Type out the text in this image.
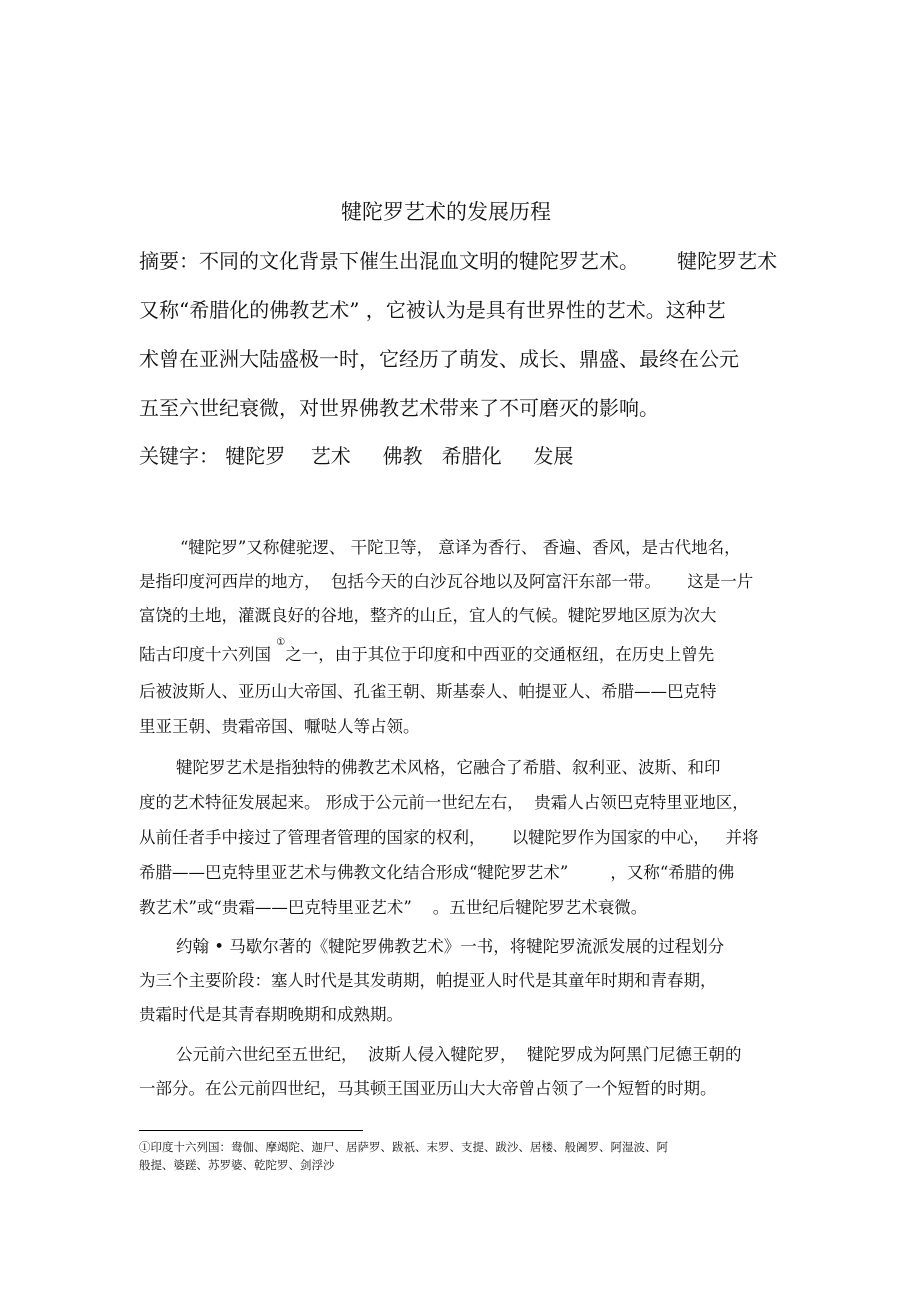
犍陀罗艺术的发展历程

摘要：不同的文化背景下催生出混血文明的犍陀罗艺术。      犍陀罗艺术

又称“希腊化的佛教艺术” ，它被认为是具有世界性的艺术。这种艺

术曾在亚洲大陆盛极一时，它经历了萌发、成长、鼎盛、最终在公元

五至六世纪衰微，对世界佛教艺术带来了不可磨灭的影响。

关键字： 犍陀罗    艺术     佛教   希腊化     发展

“犍陀罗”又称健驼逻、 干陀卫等， 意译为香行、 香遍、香风，是古代地名，

是指印度河西岸的地方，  包括今天的白沙瓦谷地以及阿富汗东部一带。     这是一片

富饶的土地，灌溉良好的谷地，整齐的山丘，宜人的气候。犍陀罗地区原为次大

陆古印度十六列国 ①之一，由于其位于印度和中西亚的交通枢纽，在历史上曾先

后被波斯人、亚历山大帝国、孔雀王朝、斯基泰人、帕提亚人、希腊——巴克特

里亚王朝、贵霜帝国、嚈哒人等占领。

犍陀罗艺术是指独特的佛教艺术风格，它融合了希腊、叙利亚、波斯、和印

度的艺术特征发展起来。 形成于公元前一世纪左右，  贵霜人占领巴克特里亚地区，

从前任者手中接过了管理者管理的国家的权利，     以犍陀罗作为国家的中心，   并将

希腊——巴克特里亚艺术与佛教文化结合形成“犍陀罗艺术”        ，又称“希腊的佛

教艺术”或“贵霜——巴克特里亚艺术”    。五世纪后犍陀罗艺术衰微。

约翰 • 马歇尔著的《犍陀罗佛教艺术》一书，将犍陀罗流派发展的过程划分

为三个主要阶段：塞人时代是其发萌期，帕提亚人时代是其童年时期和青春期，

贵霜时代是其青春期晚期和成熟期。

公元前六世纪至五世纪，  波斯人侵入犍陀罗，  犍陀罗成为阿黑门尼德王朝的

一部分。在公元前四世纪，马其顿王国亚历山大大帝曾占领了一个短暂的时期。

①印度十六列国：鸯伽、摩竭陀、迦尸、居萨罗、跋祇、末罗、支提、跋沙、居楼、般阇罗、阿湿波、阿

般提、婆蹉、苏罗婆、乾陀罗、剑浮沙
